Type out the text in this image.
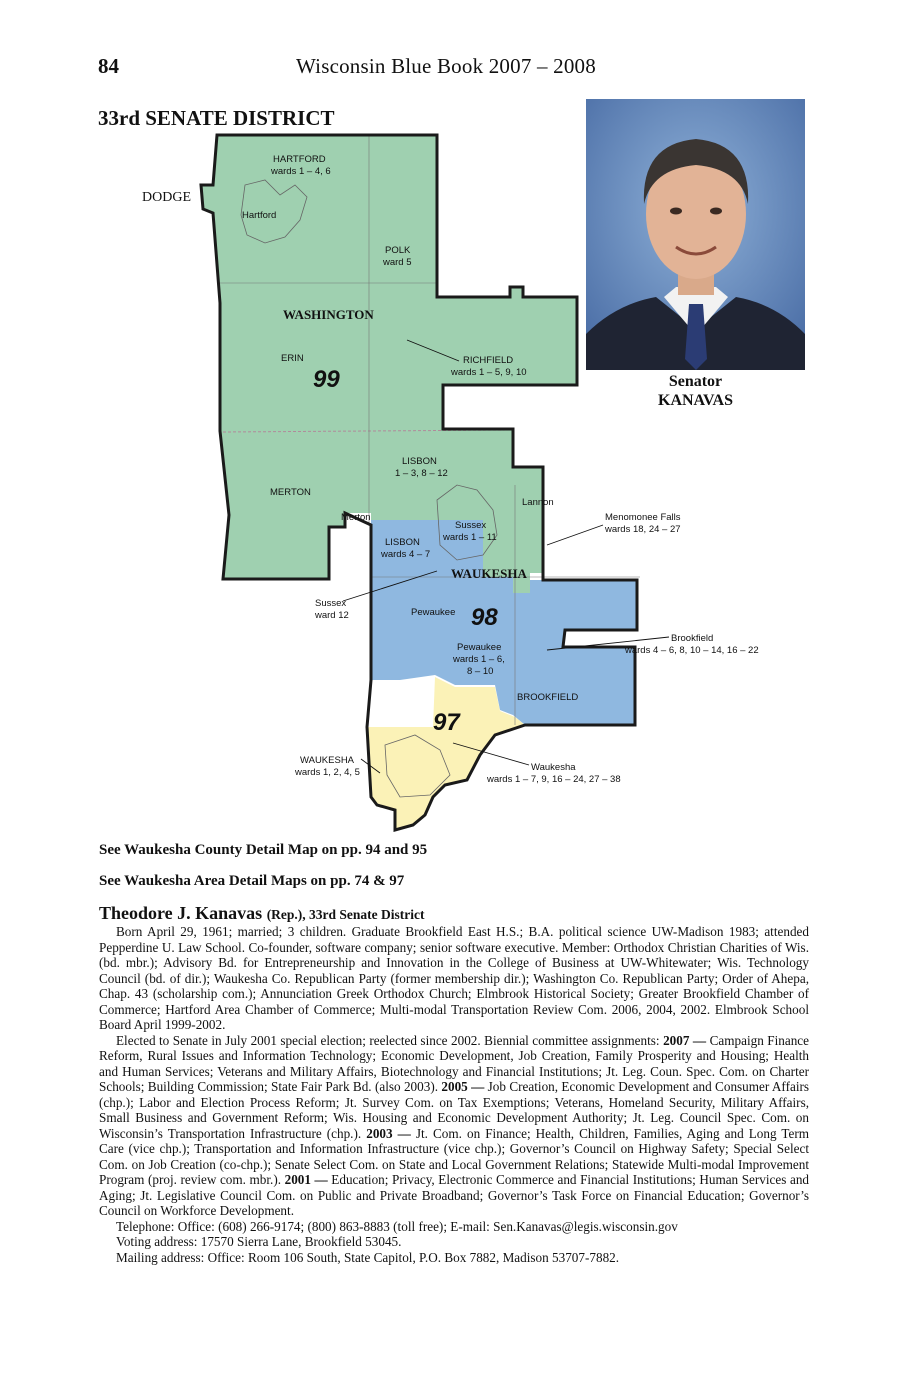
84	Wisconsin Blue Book 2007 – 2008
33rd SENATE DISTRICT
DODGE
WASHINGTON
WAUKESHA
99
98
97
HARTFORD
wards 1 – 4, 6
Hartford
POLK
ward 5
ERIN	RICHFIELD
wards 1 – 5, 9, 10
LISBON
1 – 3, 8 – 12
MERTON
Lannon
Merton
Sussex
wards 1 – 11
LISBON
wards 4 – 7
Menomonee Falls
wards 18, 24 – 27
Sussex
ward 12	Pewaukee
Pewaukee
wards 1 – 6,
8 – 10
Brookfield
wards 4 – 6, 8, 10 – 14, 16 – 22
BROOKFIELD
WAUKESHA
wards 1, 2, 4, 5	Waukesha
wards 1 – 7, 9, 16 – 24, 27 – 38
Senator
KANAVAS
See Waukesha County Detail Map on pp. 94 and 95
See Waukesha Area Detail Maps on pp. 74 & 97
Theodore J. Kanavas (Rep.), 33rd Senate District

Born April 29, 1961; married; 3 children. Graduate Brookfield East H.S.; B.A. political science UW-Madison 1983; attended Pepperdine U. Law School. Co-founder, software company; senior software executive. Member: Orthodox Christian Charities of Wis. (bd. mbr.); Advisory Bd. for Entrepreneurship and Innovation in the College of Business at UW-Whitewater; Wis. Technology Council (bd. of dir.); Waukesha Co. Republican Party (former membership dir.); Washington Co. Republican Party; Order of Ahepa, Chap. 43 (scholarship com.); Annunciation Greek Orthodox Church; Elmbrook Historical Society; Greater Brookfield Chamber of Commerce; Hartford Area Chamber of Commerce; Multi-modal Transportation Review Com. 2006, 2004, 2002. Elmbrook School Board April 1999-2002.

Elected to Senate in July 2001 special election; reelected since 2002. Biennial committee assignments: 2007 — Campaign Finance Reform, Rural Issues and Information Technology; Economic Development, Job Creation, Family Prosperity and Housing; Health and Human Services; Veterans and Military Affairs, Biotechnology and Financial Institutions; Jt. Leg. Coun. Spec. Com. on Charter Schools; Building Commission; State Fair Park Bd. (also 2003). 2005 — Job Creation, Economic Development and Consumer Affairs (chp.); Labor and Election Process Reform; Jt. Survey Com. on Tax Exemptions; Veterans, Homeland Security, Military Affairs, Small Business and Government Reform; Wis. Housing and Economic Development Authority; Jt. Leg. Council Spec. Com. on Wisconsin’s Transportation Infrastructure (chp.). 2003 — Jt. Com. on Finance; Health, Children, Families, Aging and Long Term Care (vice chp.); Transportation and Information Infrastructure (vice chp.); Governor’s Council on Highway Safety; Special Select Com. on Job Creation (co-chp.); Senate Select Com. on State and Local Government Relations; Statewide Multi-modal Improvement Program (proj. review com. mbr.). 2001 — Education; Privacy, Electronic Commerce and Financial Institutions; Human Services and Aging; Jt. Legislative Council Com. on Public and Private Broadband; Governor’s Task Force on Financial Education; Governor’s Council on Workforce Development.

Telephone: Office: (608) 266-9174; (800) 863-8883 (toll free); E-mail: Sen.Kanavas@legis.wisconsin.gov

Voting address: 17570 Sierra Lane, Brookfield 53045.

Mailing address: Office: Room 106 South, State Capitol, P.O. Box 7882, Madison 53707-7882.
